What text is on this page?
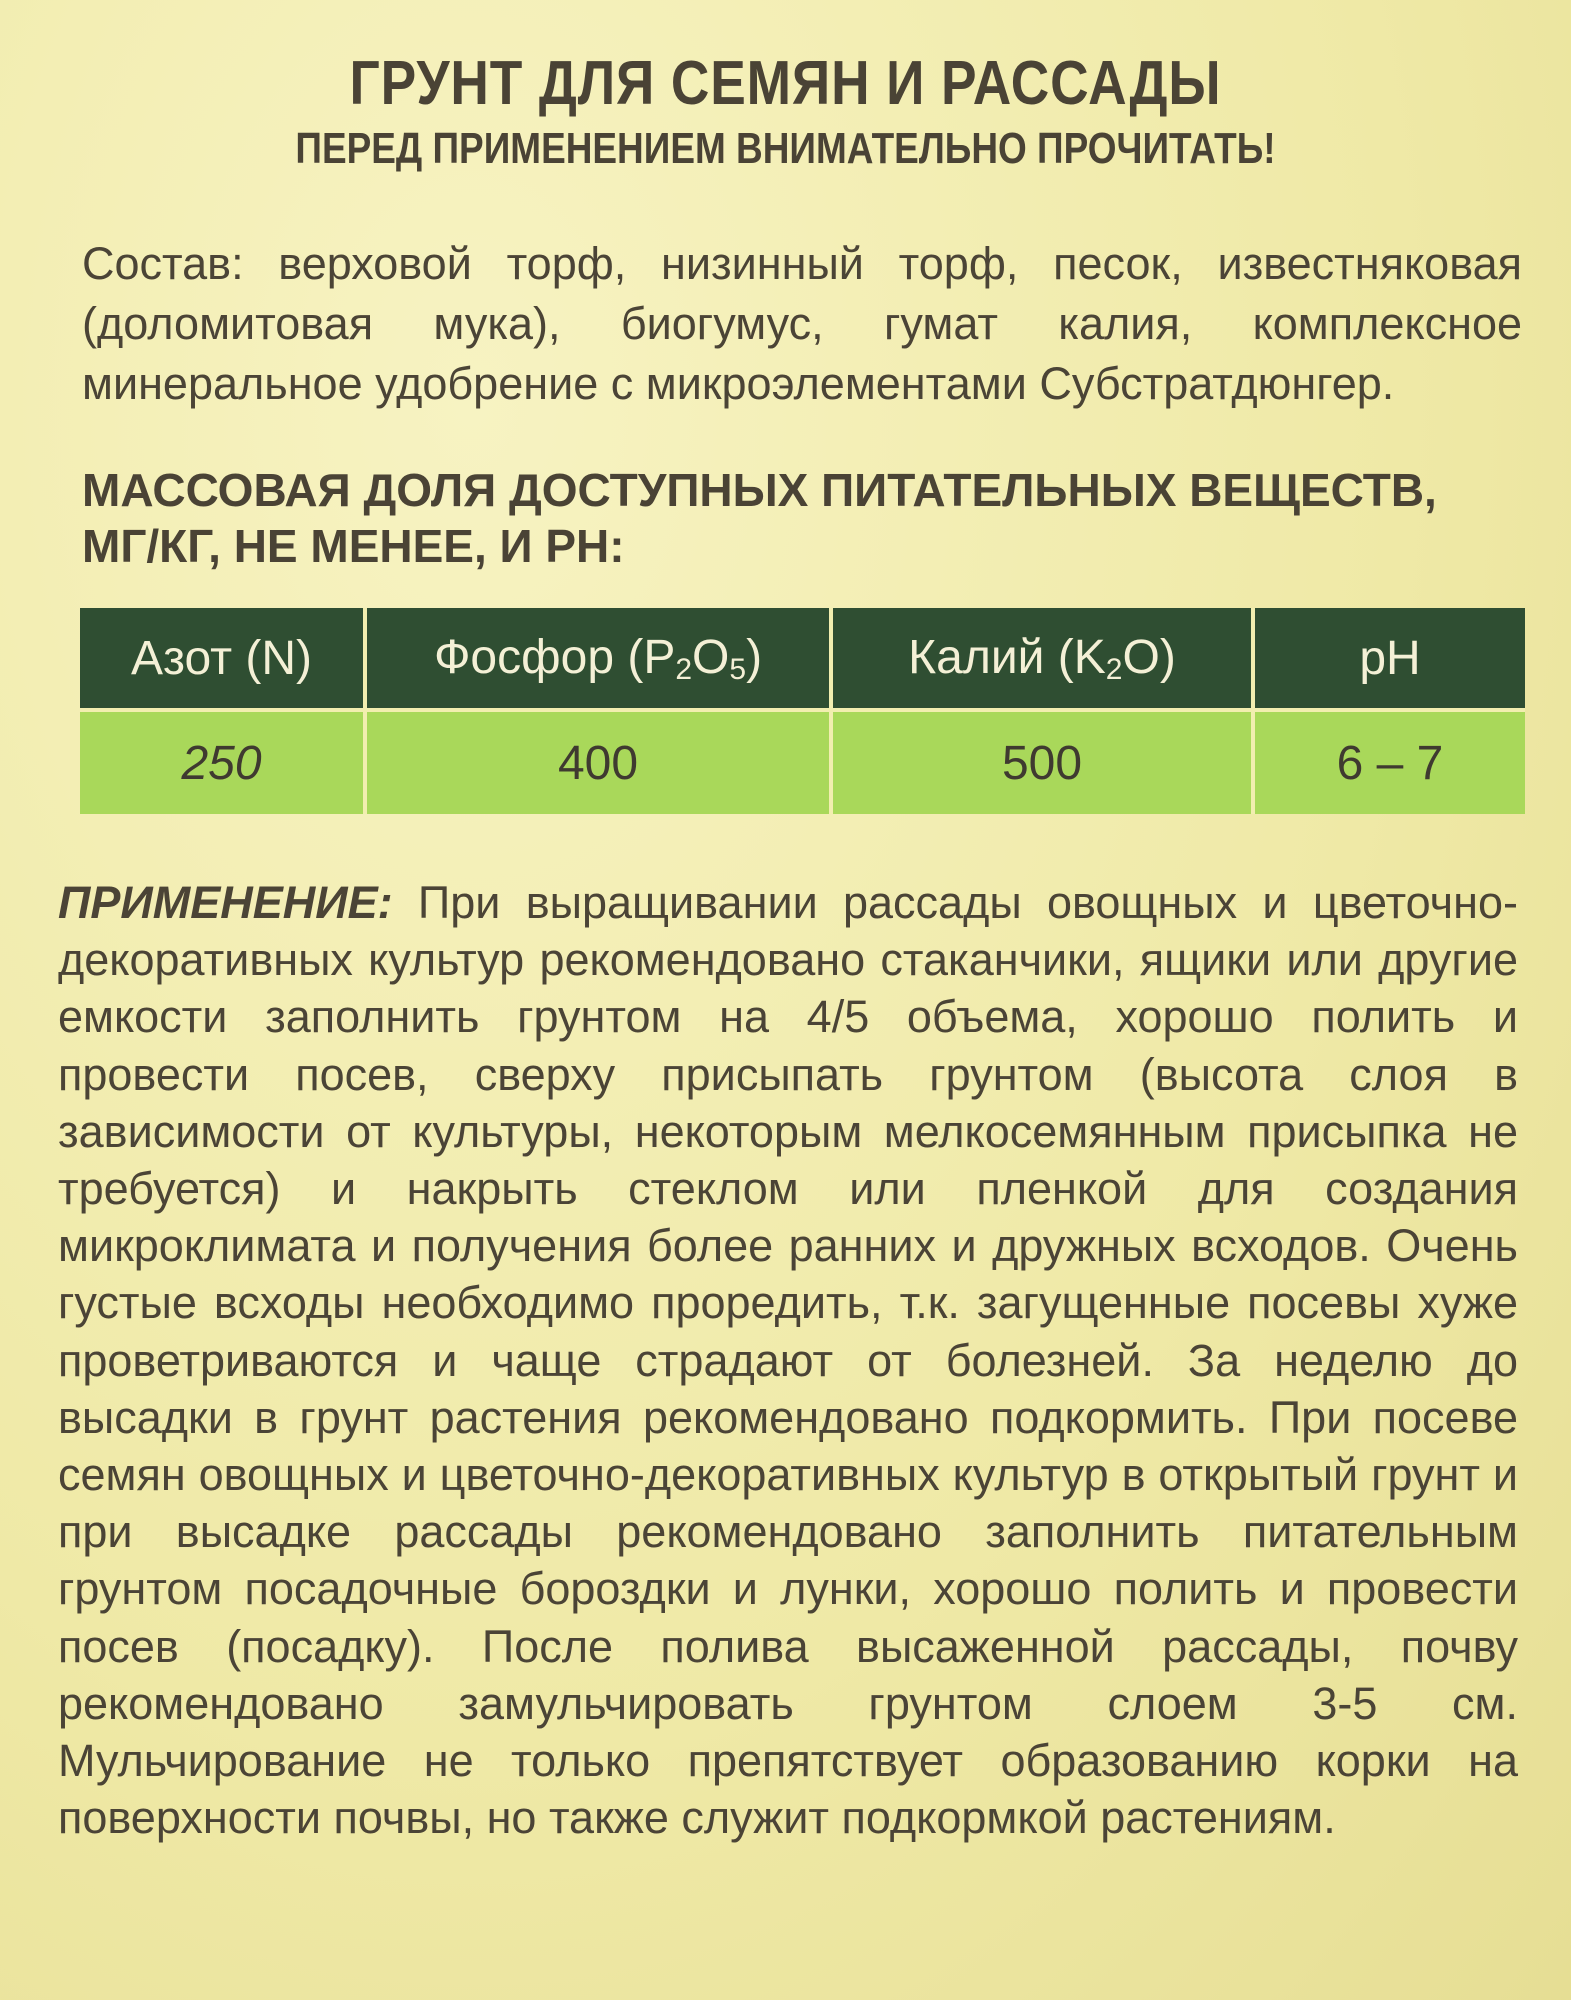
ГРУНТ ДЛЯ СЕМЯН И РАССАДЫ
ПЕРЕД ПРИМЕНЕНИЕМ ВНИМАТЕЛЬНО ПРОЧИТАТЬ!
Состав: верховой торф, низинный торф, песок, известняковая (доломитовая мука), биогумус, гумат калия, комплексное минеральное удобрение с микроэлементами Субстратдюнгер.
МАССОВАЯ ДОЛЯ ДОСТУПНЫХ ПИТАТЕЛЬНЫХ ВЕЩЕСТВ, МГ/КГ, НЕ МЕНЕЕ, И PH:
Азот (N)	Фосфор $(P_2O_5)$	Калий $(K_2O)$	pH
250	400	500	6 – 7
ПРИМЕНЕНИЕ: При выращивании рассады овощных и цветочно-декоративных культур рекомендовано стаканчики, ящики или другие емкости заполнить грунтом на 4/5 объема, хорошо полить и провести посев, сверху присыпать грунтом (высота слоя в зависимости от культуры, некоторым мелкосемянным присыпка не требуется) и накрыть стеклом или пленкой для создания микроклимата и получения более ранних и дружных всходов. Очень густые всходы необходимо проредить, т.к. загущенные посевы хуже проветриваются и чаще страдают от болезней. За неделю до высадки в грунт растения рекомендовано подкормить. При посеве семян овощных и цветочно-декоративных культур в открытый грунт и при высадке рассады рекомендовано заполнить питательным грунтом посадочные бороздки и лунки, хорошо полить и провести посев (посадку). После полива высаженной рассады, почву рекомендовано замульчировать грунтом слоем 3-5 см. Мульчирование не только препятствует образованию корки на поверхности почвы, но также служит подкормкой растениям.
